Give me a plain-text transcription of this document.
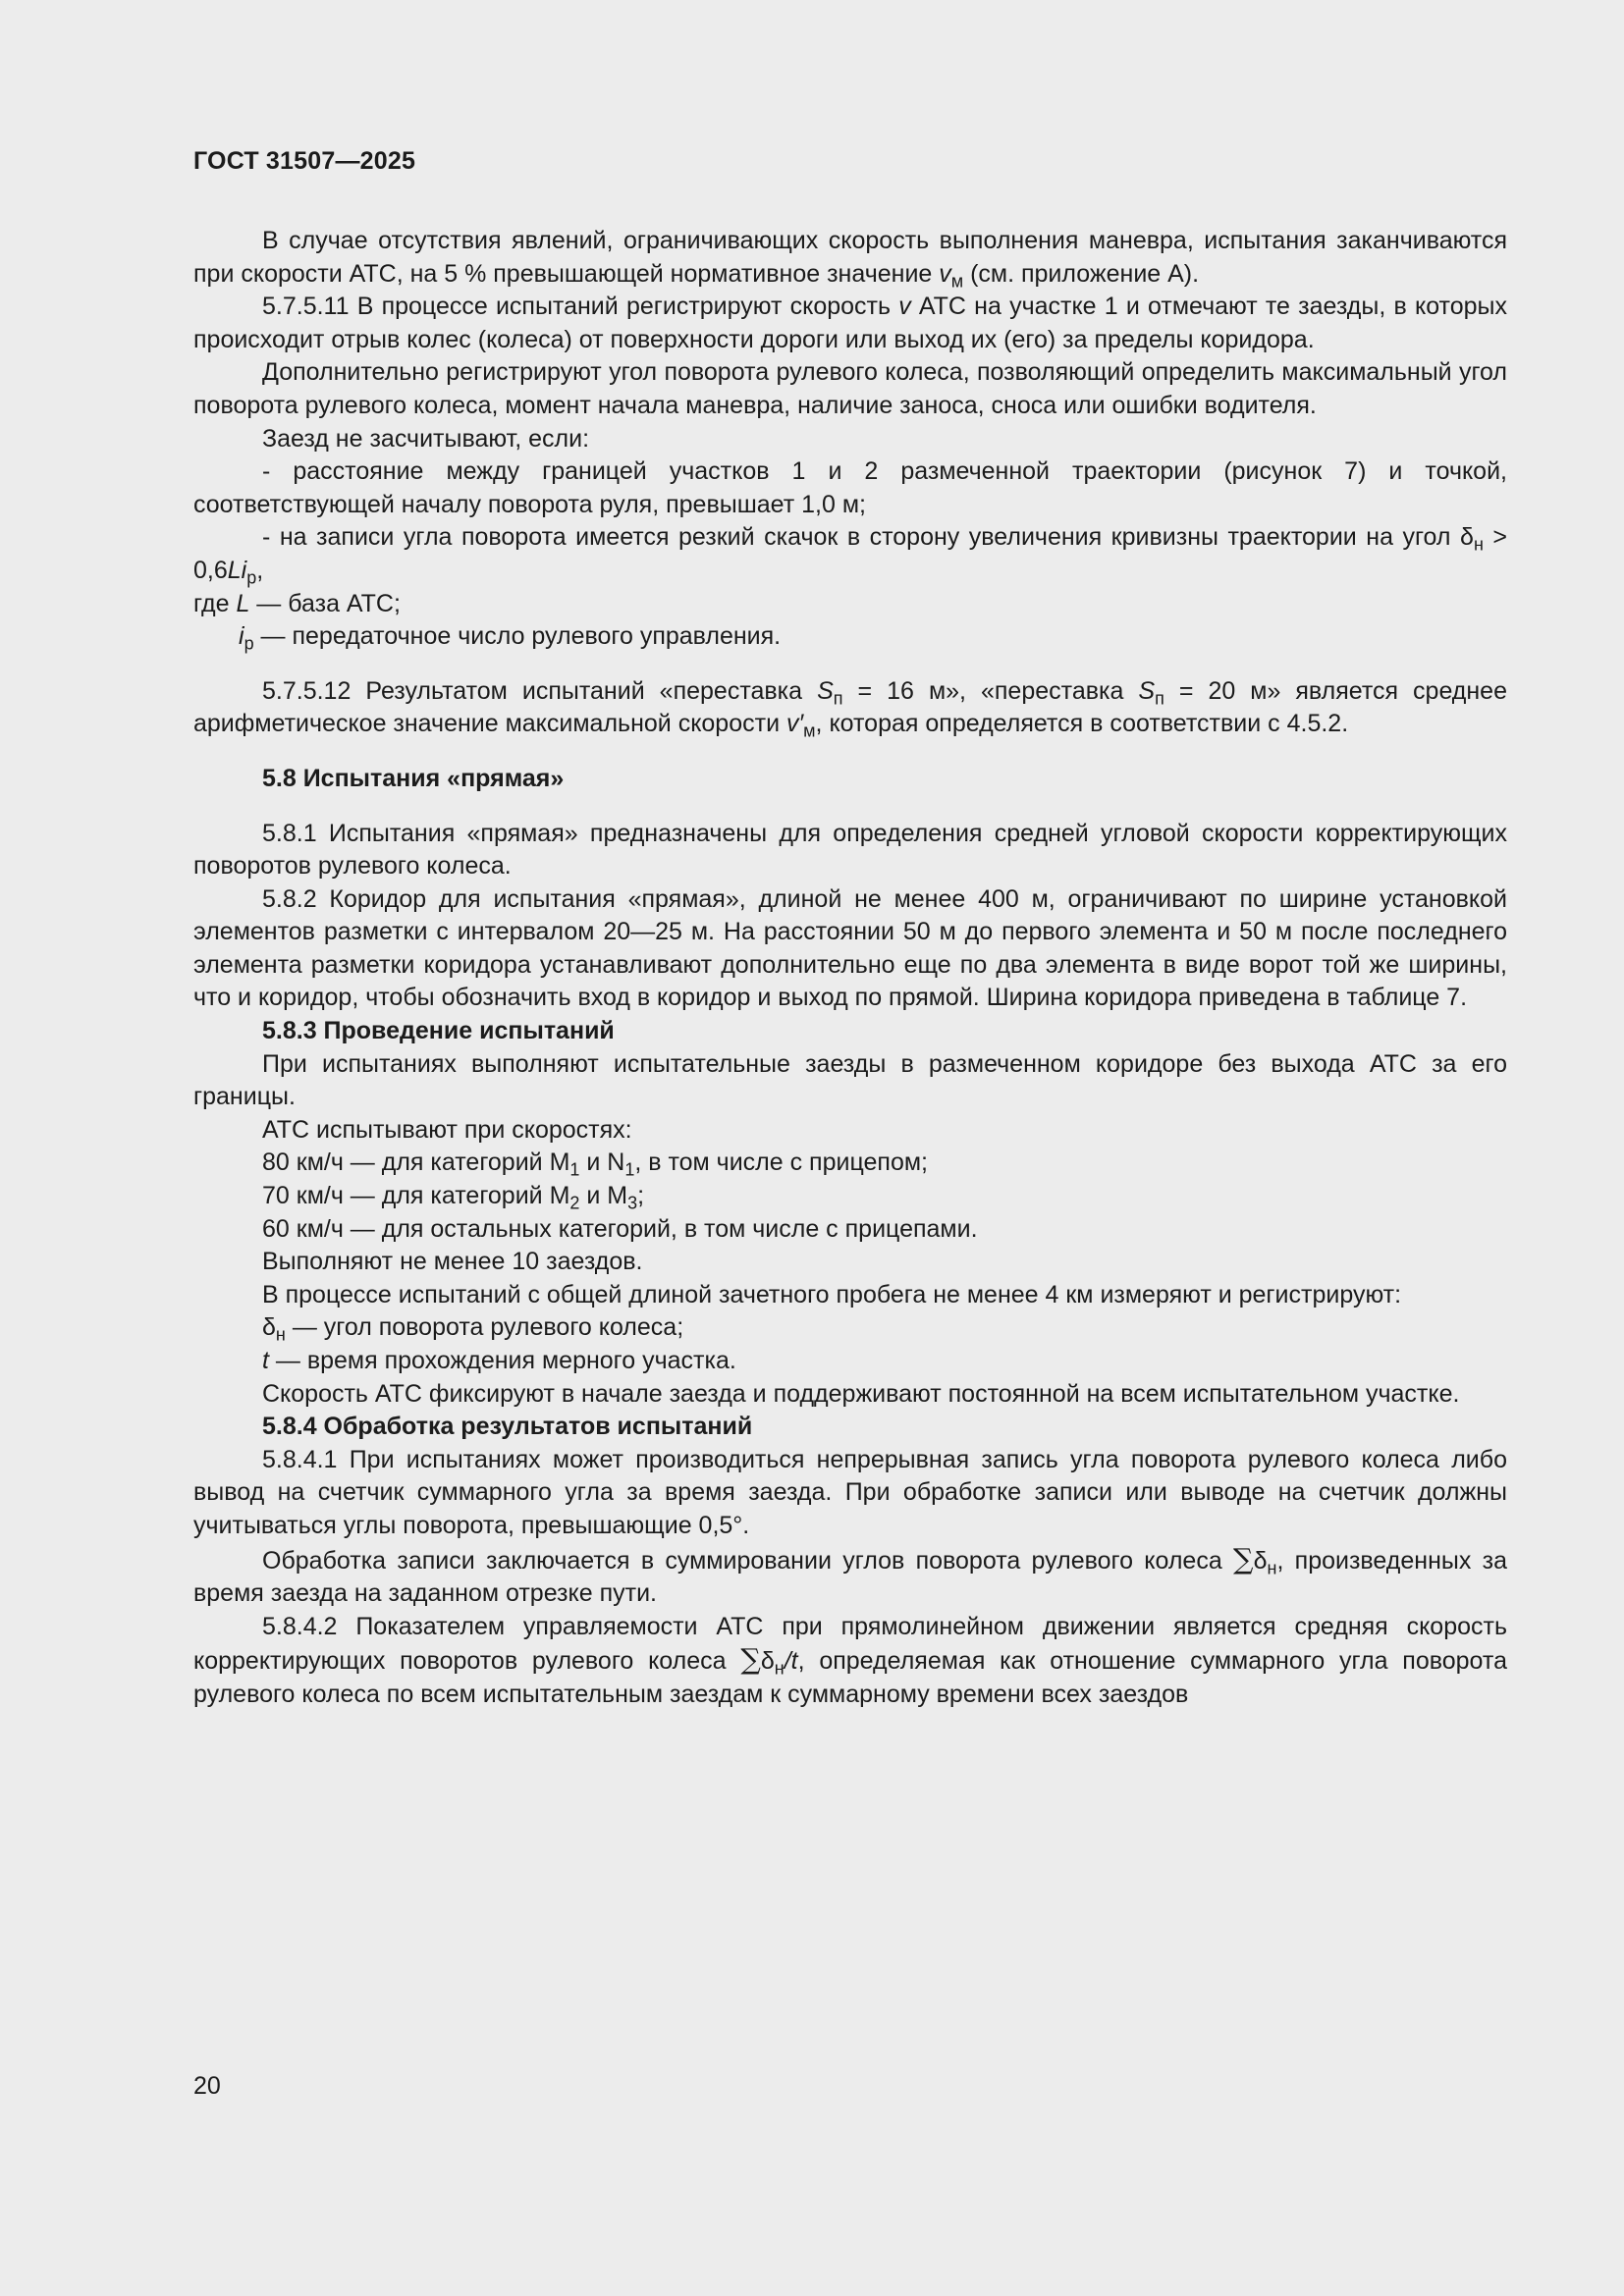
ГОСТ 31507—2025

В случае отсутствия явлений, ограничивающих скорость выполнения маневра, испытания заканчиваются при скорости АТС, на 5 % превышающей нормативное значение $v_м$ (см. приложение А).

5.7.5.11 В процессе испытаний регистрируют скорость v АТС на участке 1 и отмечают те заезды, в которых происходит отрыв колес (колеса) от поверхности дороги или выход их (его) за пределы коридора.

Дополнительно регистрируют угол поворота рулевого колеса, позволяющий определить максимальный угол поворота рулевого колеса, момент начала маневра, наличие заноса, сноса или ошибки водителя.

Заезд не засчитывают, если:

- расстояние между границей участков 1 и 2 размеченной траектории (рисунок 7) и точкой, соответствующей началу поворота руля, превышает 1,0 м;

- на записи угла поворота имеется резкий скачок в сторону увеличения кривизны траектории на угол $\delta_н > 0,6Li_р$,

где L — база АТС;

$i_р$ — передаточное число рулевого управления.

5.7.5.12 Результатом испытаний «переставка $S_п = 16$ м», «переставка $S_п = 20$ м» является среднее арифметическое значение максимальной скорости $v'_м$, которая определяется в соответствии с 4.5.2.

5.8 Испытания «прямая»

5.8.1 Испытания «прямая» предназначены для определения средней угловой скорости корректирующих поворотов рулевого колеса.

5.8.2 Коридор для испытания «прямая», длиной не менее 400 м, ограничивают по ширине установкой элементов разметки с интервалом 20—25 м. На расстоянии 50 м до первого элемента и 50 м после последнего элемента разметки коридора устанавливают дополнительно еще по два элемента в виде ворот той же ширины, что и коридор, чтобы обозначить вход в коридор и выход по прямой. Ширина коридора приведена в таблице 7.

5.8.3 Проведение испытаний

При испытаниях выполняют испытательные заезды в размеченном коридоре без выхода АТС за его границы.

АТС испытывают при скоростях:

80 км/ч — для категорий $M_1$ и $N_1$, в том числе с прицепом;

70 км/ч — для категорий $M_2$ и $M_3$;

60 км/ч — для остальных категорий, в том числе с прицепами.

Выполняют не менее 10 заездов.

В процессе испытаний с общей длиной зачетного пробега не менее 4 км измеряют и регистрируют:

$\delta_н$ — угол поворота рулевого колеса;

t — время прохождения мерного участка.

Скорость АТС фиксируют в начале заезда и поддерживают постоянной на всем испытательном участке.

5.8.4 Обработка результатов испытаний

5.8.4.1 При испытаниях может производиться непрерывная запись угла поворота рулевого колеса либо вывод на счетчик суммарного угла за время заезда. При обработке записи или выводе на счетчик должны учитываться углы поворота, превышающие 0,5°.

Обработка записи заключается в суммировании углов поворота рулевого колеса $\sum\delta_н$, произведенных за время заезда на заданном отрезке пути.

5.8.4.2 Показателем управляемости АТС при прямолинейном движении является средняя скорость корректирующих поворотов рулевого колеса $\sum\delta_н/t$, определяемая как отношение суммарного угла поворота рулевого колеса по всем испытательным заездам к суммарному времени всех заездов

20
